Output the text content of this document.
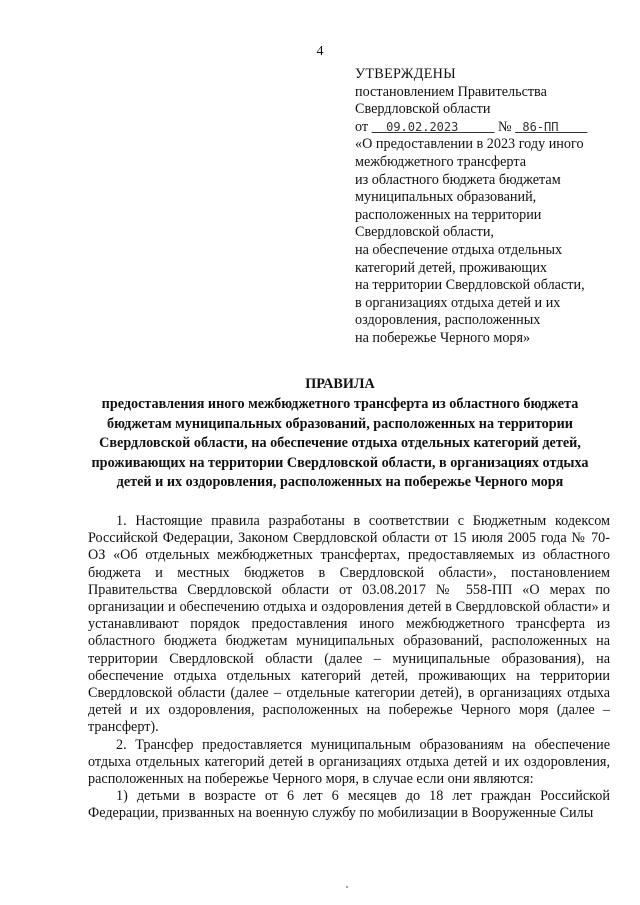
4
УТВЕРЖДЕНЫ
постановлением Правительства
Свердловской области
от 09.02.2023	№ 86-ПП
«О предоставлении в 2023 году иного
межбюджетного трансферта
из областного бюджета бюджетам
муниципальных образований,
расположенных на территории
Свердловской области,
на обеспечение отдыха отдельных
категорий детей, проживающих
на территории Свердловской области,
в организациях отдыха детей и их
оздоровления, расположенных
на побережье Черного моря»
ПРАВИЛА
предоставления иного межбюджетного трансферта из областного бюджета
бюджетам муниципальных образований, расположенных на территории
Свердловской области, на обеспечение отдыха отдельных категорий детей,
проживающих на территории Свердловской области, в организациях отдыха
детей и их оздоровления, расположенных на побережье Черного моря

1. Настоящие правила разработаны в соответствии с Бюджетным кодексом Российской Федерации, Законом Свердловской области от 15 июля 2005 года № 70-ОЗ «Об отдельных межбюджетных трансфертах, предоставляемых из областного бюджета и местных бюджетов в Свердловской области», постановлением Правительства Свердловской области от 03.08.2017 № 558-ПП «О мерах по организации и обеспечению отдыха и оздоровления детей в Свердловской области» и устанавливают порядок предоставления иного межбюджетного трансферта из областного бюджета бюджетам муниципальных образований, расположенных на территории Свердловской области (далее – муниципальные образования), на обеспечение отдыха отдельных категорий детей, проживающих на территории Свердловской области (далее – отдельные категории детей), в организациях отдыха детей и их оздоровления, расположенных на побережье Черного моря (далее – трансферт).

2. Трансфер предоставляется муниципальным образованиям на обеспечение отдыха отдельных категорий детей в организациях отдыха детей и их оздоровления, расположенных на побережье Черного моря, в случае если они являются:

1) детьми в возрасте от 6 лет 6 месяцев до 18 лет граждан Российской Федерации, призванных на военную службу по мобилизации в Вооруженные Силы
